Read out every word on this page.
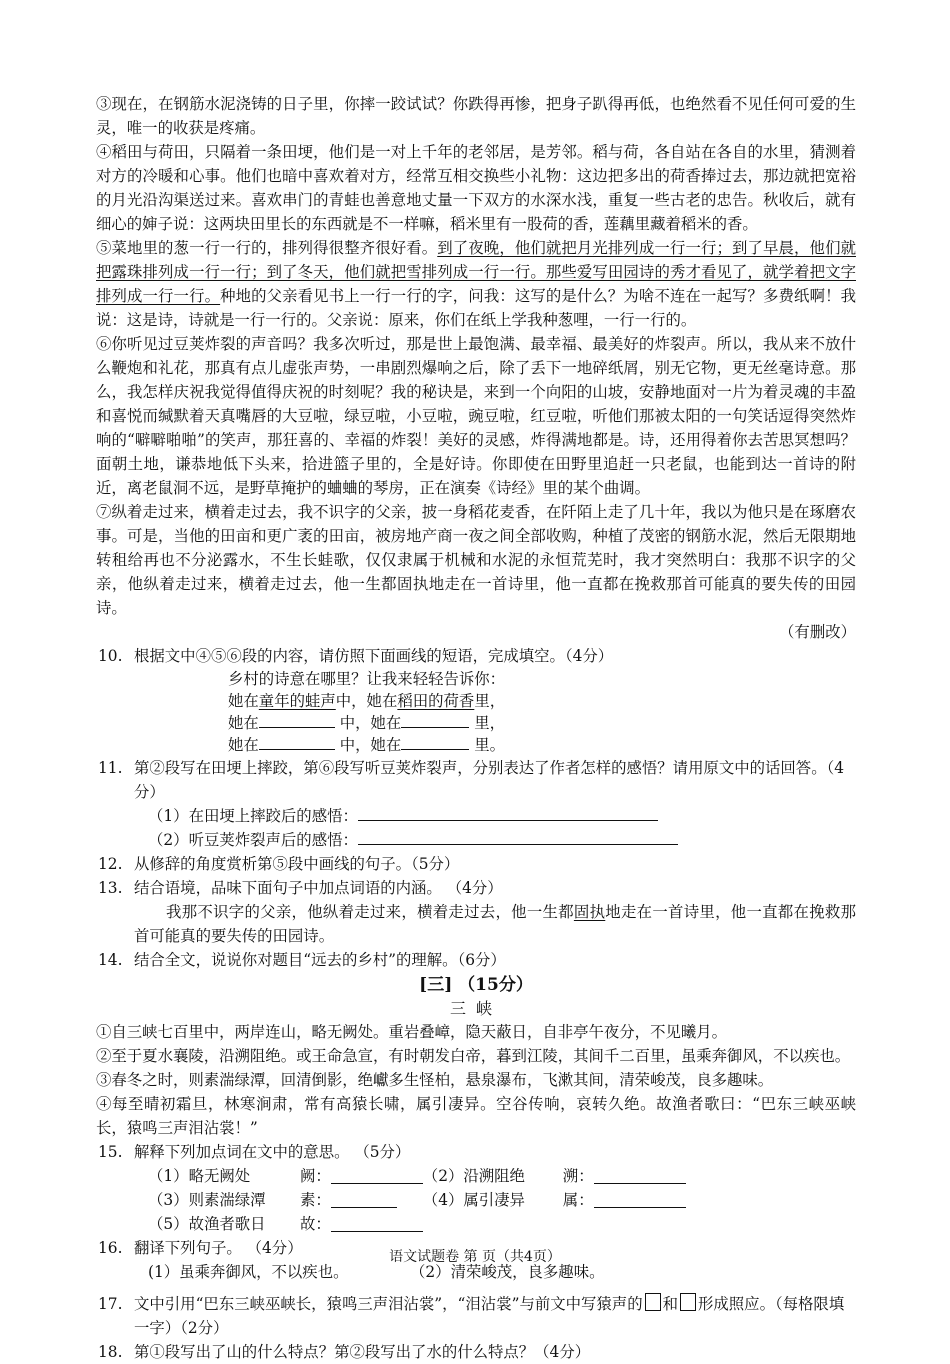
③现在，在钢筋水泥浇铸的日子里，你摔一跤试试？你跌得再惨，把身子趴得再低，也绝然看不见任何可爱的生灵，唯一的收获是疼痛。

④稻田与荷田，只隔着一条田埂，他们是一对上千年的老邻居，是芳邻。稻与荷，各自站在各自的水里，猜测着对方的冷暖和心事。他们也暗中喜欢着对方，经常互相交换些小礼物：这边把多出的荷香捧过去，那边就把宽裕的月光沿沟渠送过来。喜欢串门的青蛙也善意地丈量一下双方的水深水浅，重复一些古老的忠告。秋收后，就有细心的婶子说：这两块田里长的东西就是不一样嘛，稻米里有一股荷的香，莲藕里藏着稻米的香。

⑤菜地里的葱一行一行的，排列得很整齐很好看。到了夜晚，他们就把月光排列成一行一行；到了早晨，他们就把露珠排列成一行一行；到了冬天，他们就把雪排列成一行一行。那些爱写田园诗的秀才看见了，就学着把文字排列成一行一行。种地的父亲看见书上一行一行的字，问我：这写的是什么？为啥不连在一起写？多费纸啊！我说：这是诗，诗就是一行一行的。父亲说：原来，你们在纸上学我种葱哩，一行一行的。

⑥你听见过豆荚炸裂的声音吗？我多次听过，那是世上最饱满、最幸福、最美好的炸裂声。所以，我从来不放什么鞭炮和礼花，那真有点儿虚张声势，一串剧烈爆响之后，除了丢下一地碎纸屑，别无它物，更无丝毫诗意。那么，我怎样庆祝我觉得值得庆祝的时刻呢？我的秘诀是，来到一个向阳的山坡，安静地面对一片为着灵魂的丰盈和喜悦而缄默着天真嘴唇的大豆啦，绿豆啦，小豆啦，豌豆啦，红豆啦，听他们那被太阳的一句笑话逗得突然炸响的“噼噼啪啪”的笑声，那狂喜的、幸福的炸裂！美好的灵感，炸得满地都是。诗，还用得着你去苦思冥想吗？面朝土地，谦恭地低下头来，拾进篮子里的，全是好诗。你即使在田野里追赶一只老鼠，也能到达一首诗的附近，离老鼠洞不远，是野草掩护的蛐蛐的琴房，正在演奏《诗经》里的某个曲调。

⑦纵着走过来，横着走过去，我不识字的父亲，披一身稻花麦香，在阡陌上走了几十年，我以为他只是在琢磨农事。可是，当他的田亩和更广袤的田亩，被房地产商一夜之间全部收购，种植了茂密的钢筋水泥，然后无限期地转租给再也不分泌露水，不生长蛙歌，仅仅隶属于机械和水泥的永恒荒芜时，我才突然明白：我那不识字的父亲，他纵着走过来，横着走过去，他一生都固执地走在一首诗里，他一直都在挽救那首可能真的要失传的田园诗。

（有删改）

10. 根据文中④⑤⑥段的内容，请仿照下面画线的短语，完成填空。（4分）
乡村的诗意在哪里？让我来轻轻告诉你：
她在童年的蛙声中，她在稻田的荷香里，
她在	中，她在	里，
她在	中，她在	里。
11. 第②段写在田埂上摔跤，第⑥段写听豆荚炸裂声，分别表达了作者怎样的感悟？请用原文中的话回答。（4分）
（1）在田埂上摔跤后的感悟：
（2）听豆荚炸裂声后的感悟：
12. 从修辞的角度赏析第⑤段中画线的句子。（5分）
13. 结合语境，品味下面句子中加点词语的内涵。 （4分）

我那不识字的父亲，他纵着走过来，横着走过去，他一生都固执地走在一首诗里，他一直都在挽救那首可能真的要失传的田园诗。

14. 结合全文，说说你对题目“远去的乡村”的理解。（6分）
[三] （15分）
三峡

①自三峡七百里中，两岸连山，略无阙处。重岩叠嶂，隐天蔽日，自非亭午夜分，不见曦月。

②至于夏水襄陵，沿溯阻绝。或王命急宣，有时朝发白帝，暮到江陵，其间千二百里，虽乘奔御风，不以疾也。

③春冬之时，则素湍绿潭，回清倒影，绝巘多生怪柏，悬泉瀑布，飞漱其间，清荣峻茂，良多趣味。

④每至晴初霜旦，林寒涧肃，常有高猿长啸，属引凄异。空谷传响，哀转久绝。故渔者歌曰：“巴东三峡巫峡长，猿鸣三声泪沾裳！”

15. 解释下列加点词在文中的意思。 （5分）
（1）略无阙处	阙：	（2）沿溯阻绝	溯：
（3）则素湍绿潭	素：	（4）属引凄异	属：
（5）故渔者歌日	故：
16. 翻译下列句子。 （4分）
(1）虽乘奔御风，不以疾也。	（2）清荣峻茂，良多趣味。
17. 文中引用“巴东三峡巫峡长，猿鸣三声泪沾裳”，“泪沾裳”与前文中写猿声的 和 形成照应。（每格限填一字）（2分）
18. 第①段写出了山的什么特点？第②段写出了水的什么特点？（4分）
语文试题卷 第 页（共4页）
